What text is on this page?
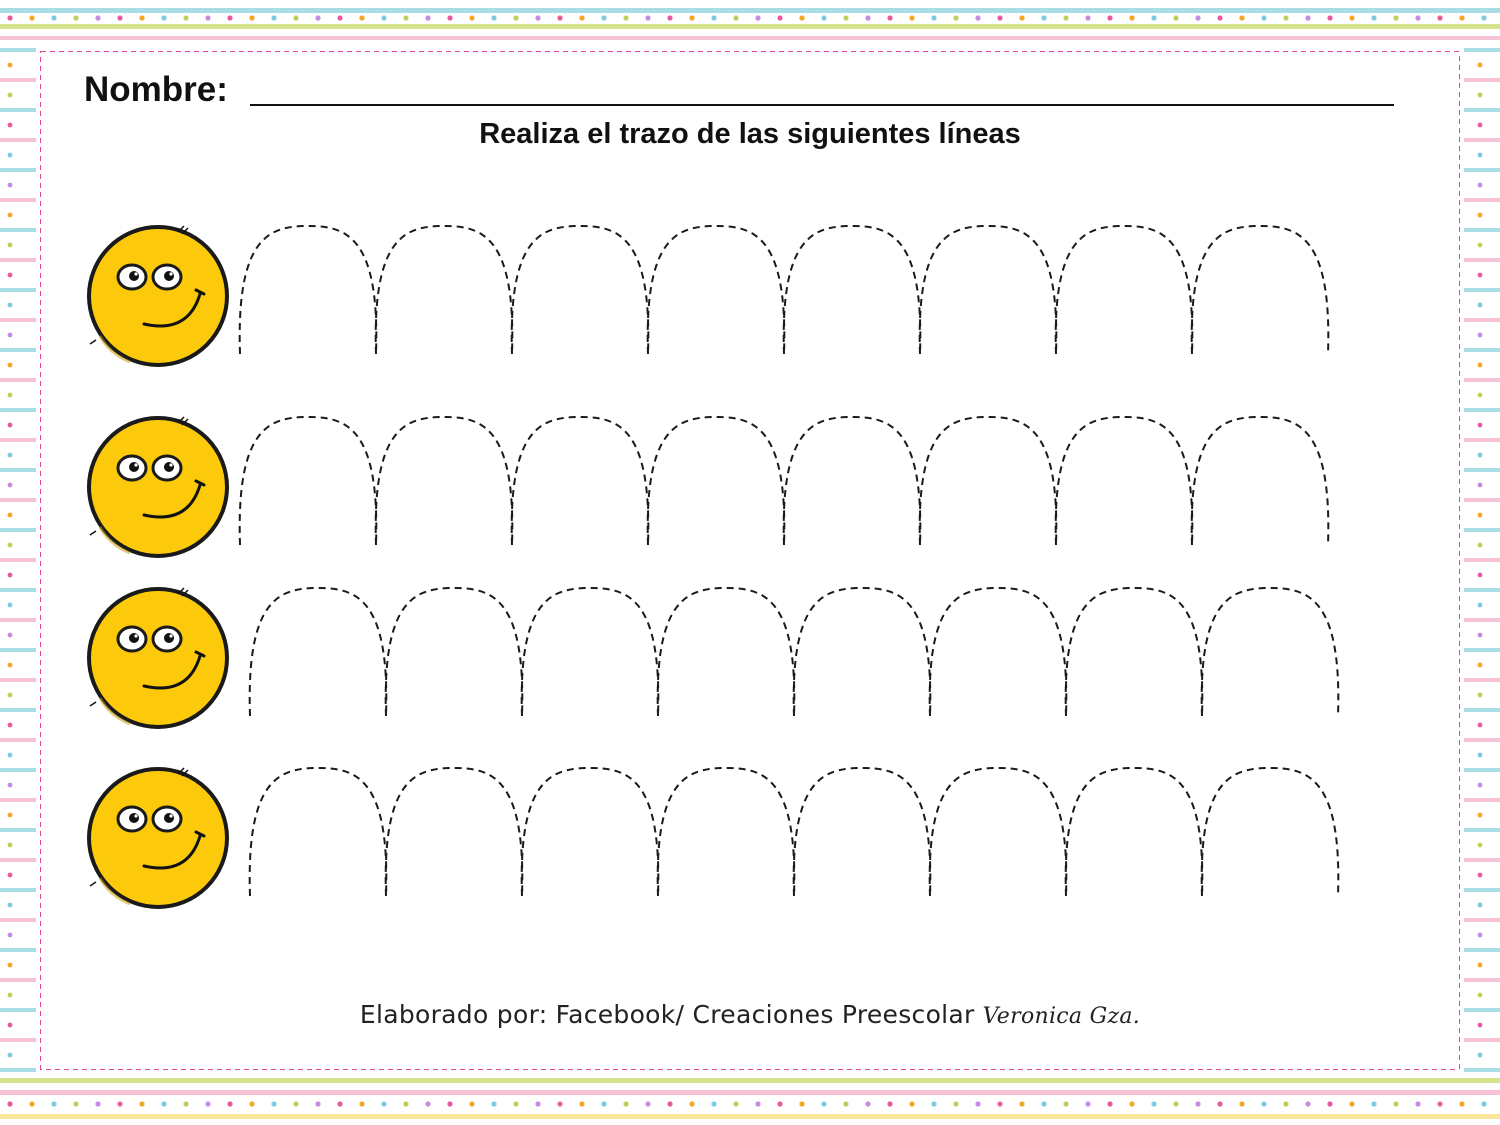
Nombre:
Realiza el trazo de las siguientes líneas
Elaborado por: Facebook/ Creaciones Preescolar Veronica Gza.
